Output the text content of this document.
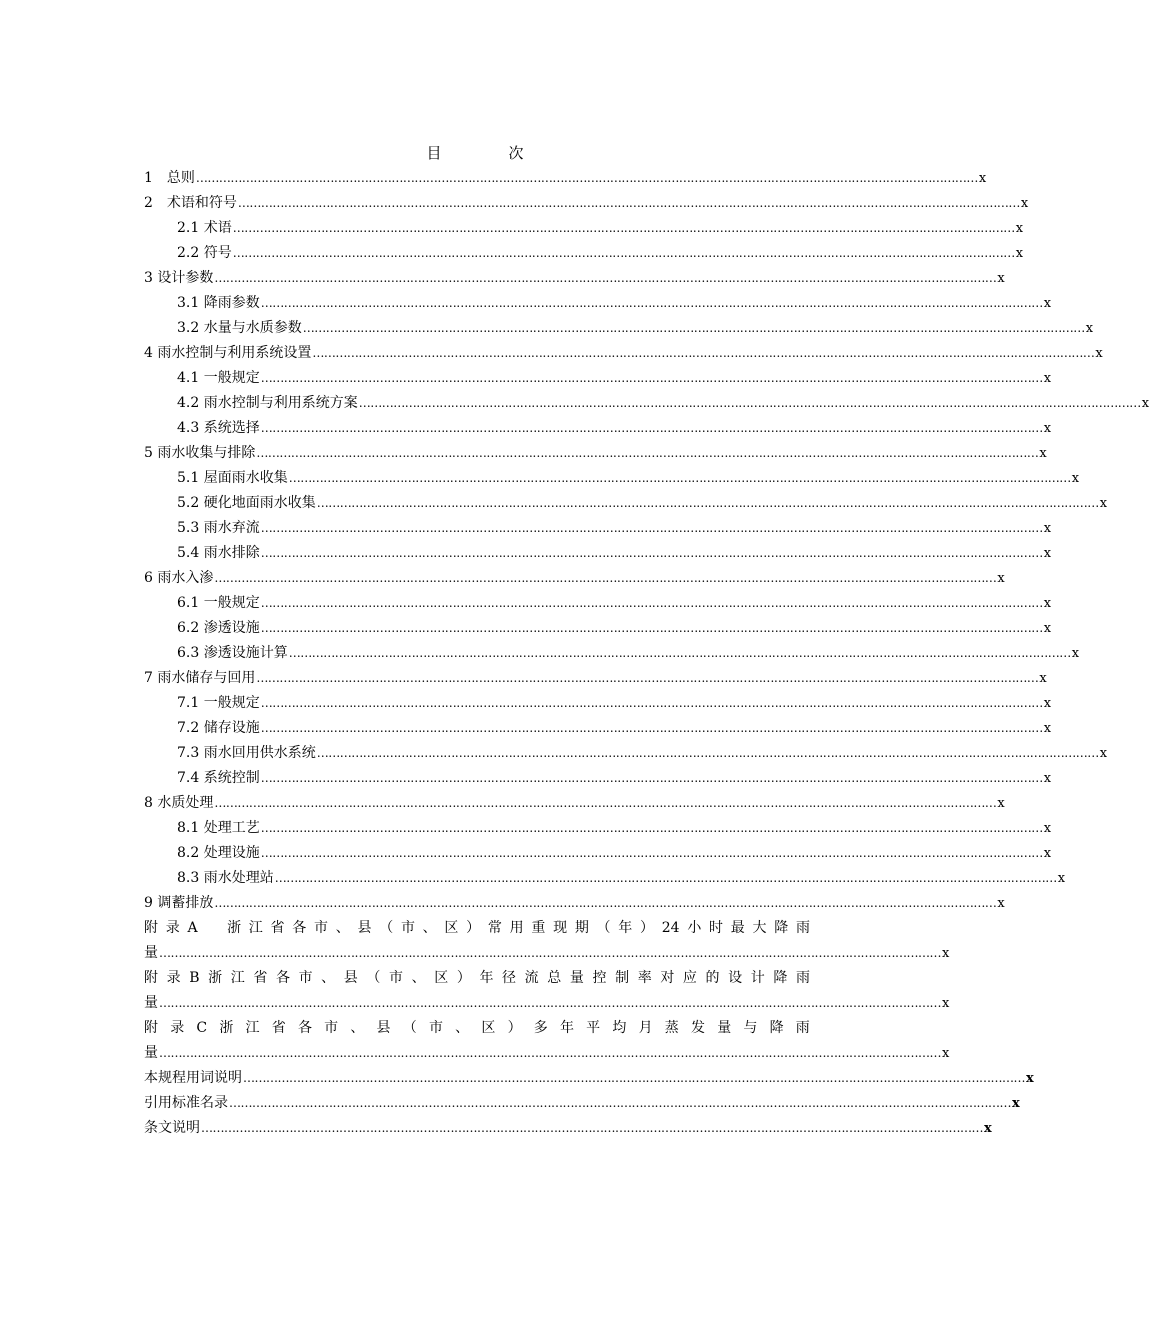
目　次
1　总则 …………………………………………………………………………………………………………………………………………………………………………………… x
2　术语和符号 …………………………………………………………………………………………………………………………………………………………………………………… x
2.1 术语 …………………………………………………………………………………………………………………………………………………………………………………… x
2.2 符号 …………………………………………………………………………………………………………………………………………………………………………………… x
3 设计参数 …………………………………………………………………………………………………………………………………………………………………………………… x
3.1 降雨参数 …………………………………………………………………………………………………………………………………………………………………………………… x
3.2 水量与水质参数 …………………………………………………………………………………………………………………………………………………………………………………… x
4 雨水控制与利用系统设置 …………………………………………………………………………………………………………………………………………………………………………………… x
4.1 一般规定 …………………………………………………………………………………………………………………………………………………………………………………… x
4.2 雨水控制与利用系统方案 …………………………………………………………………………………………………………………………………………………………………………………… x
4.3 系统选择 …………………………………………………………………………………………………………………………………………………………………………………… x
5 雨水收集与排除 …………………………………………………………………………………………………………………………………………………………………………………… x
5.1 屋面雨水收集 …………………………………………………………………………………………………………………………………………………………………………………… x
5.2 硬化地面雨水收集 …………………………………………………………………………………………………………………………………………………………………………………… x
5.3 雨水弃流 …………………………………………………………………………………………………………………………………………………………………………………… x
5.4 雨水排除 …………………………………………………………………………………………………………………………………………………………………………………… x
6 雨水入渗 …………………………………………………………………………………………………………………………………………………………………………………… x
6.1 一般规定 …………………………………………………………………………………………………………………………………………………………………………………… x
6.2 渗透设施 …………………………………………………………………………………………………………………………………………………………………………………… x
6.3 渗透设施计算 …………………………………………………………………………………………………………………………………………………………………………………… x
7 雨水储存与回用 …………………………………………………………………………………………………………………………………………………………………………………… x
7.1 一般规定 …………………………………………………………………………………………………………………………………………………………………………………… x
7.2 储存设施 …………………………………………………………………………………………………………………………………………………………………………………… x
7.3 雨水回用供水系统 …………………………………………………………………………………………………………………………………………………………………………………… x
7.4 系统控制 …………………………………………………………………………………………………………………………………………………………………………………… x
8 水质处理 …………………………………………………………………………………………………………………………………………………………………………………… x
8.1 处理工艺 …………………………………………………………………………………………………………………………………………………………………………………… x
8.2 处理设施 …………………………………………………………………………………………………………………………………………………………………………………… x
8.3 雨水处理站 …………………………………………………………………………………………………………………………………………………………………………………… x
9 调蓄排放 …………………………………………………………………………………………………………………………………………………………………………………… x
附 录 A 浙 江 省 各 市 、 县 （ 市 、 区 ） 常 用 重 现 期 （ 年 ） 24 小 时 最 大 降 雨
量 …………………………………………………………………………………………………………………………………………………………………………………… x
附 录 B 浙 江 省 各 市 、 县 （ 市 、 区 ） 年 径 流 总 量 控 制 率 对 应 的 设 计 降 雨
量 …………………………………………………………………………………………………………………………………………………………………………………… x
附 录 C 浙 江 省 各 市 、 县 （ 市 、 区 ） 多 年 平 均 月 蒸 发 量 与 降 雨
量 …………………………………………………………………………………………………………………………………………………………………………………… x
本规程用词说明 …………………………………………………………………………………………………………………………………………………………………………………… x
引用标准名录 …………………………………………………………………………………………………………………………………………………………………………………… x
条文说明 …………………………………………………………………………………………………………………………………………………………………………………… x
